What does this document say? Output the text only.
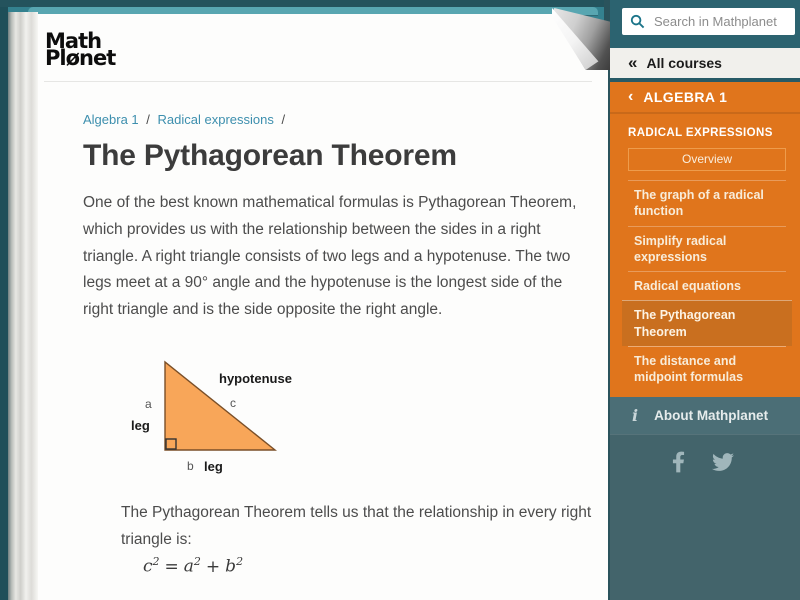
Math
Plønet
Algebra 1 / Radical expressions /
The Pythagorean Theorem

One of the best known mathematical formulas is Pythagorean Theorem, which provides us with the relationship between the sides in a right triangle. A right triangle consists of two legs and a hypotenuse. The two legs meet at a 90° angle and the hypotenuse is the longest side of the right triangle and is the side opposite the right angle.

a
leg
hypotenuse
c
b leg

The Pythagorean Theorem tells us that the relationship in every right triangle is:

$c^2 = a^2 + b^2$
Search in Mathplanet
« All courses
‹ ALGEBRA 1
RADICAL EXPRESSIONS
Overview
The graph of a radical function
Simplify radical expressions
Radical equations
The Pythagorean Theorem
The distance and midpoint formulas
i About Mathplanet
